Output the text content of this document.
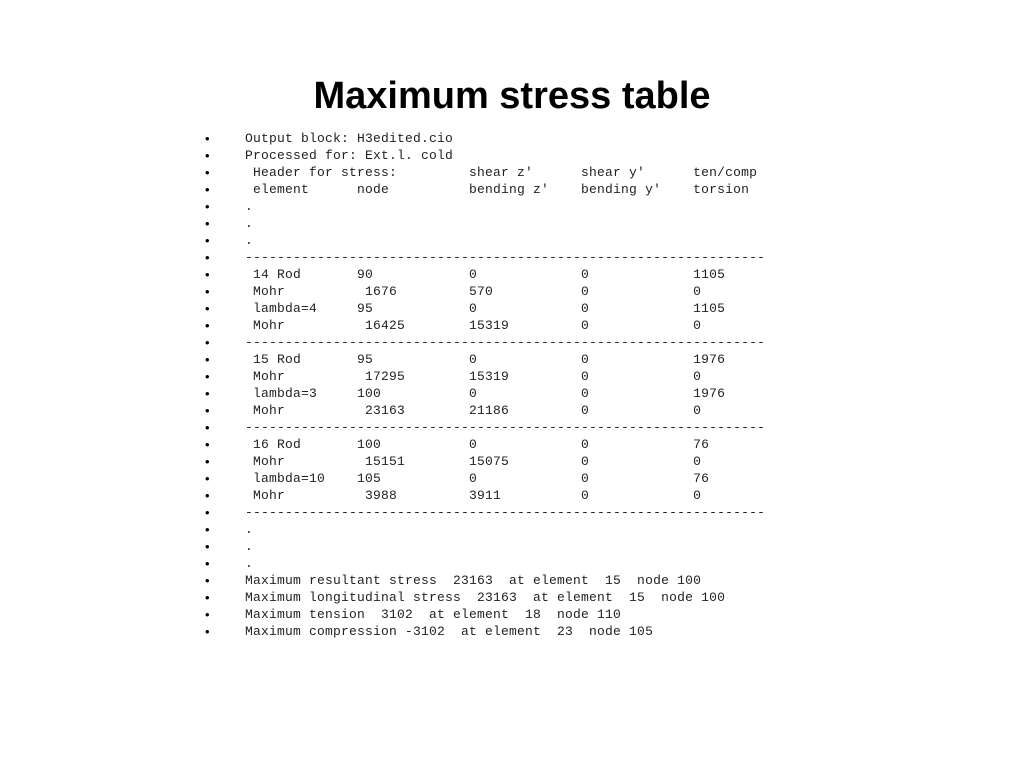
Maximum stress table
•	Output block: H3edited.cio
•	Processed for: Ext.l. cold
•	Header for stress:         shear z'      shear y'      ten/comp
•	element      node          bending z'    bending y'    torsion
•	.
•	.
•	.
•	-----------------------------------------------------------------
•	14 Rod       90            0             0             1105
•	Mohr          1676         570           0             0
•	lambda=4     95            0             0             1105
•	Mohr          16425        15319         0             0
•	-----------------------------------------------------------------
•	15 Rod       95            0             0             1976
•	Mohr          17295        15319         0             0
•	lambda=3     100           0             0             1976
•	Mohr          23163        21186         0             0
•	-----------------------------------------------------------------
•	16 Rod       100           0             0             76
•	Mohr          15151        15075         0             0
•	lambda=10    105           0             0             76
•	Mohr          3988         3911          0             0
•	-----------------------------------------------------------------
•	.
•	.
•	.
•	Maximum resultant stress  23163  at element  15  node 100
•	Maximum longitudinal stress  23163  at element  15  node 100
•	Maximum tension  3102  at element  18  node 110
•	Maximum compression -3102  at element  23  node 105
